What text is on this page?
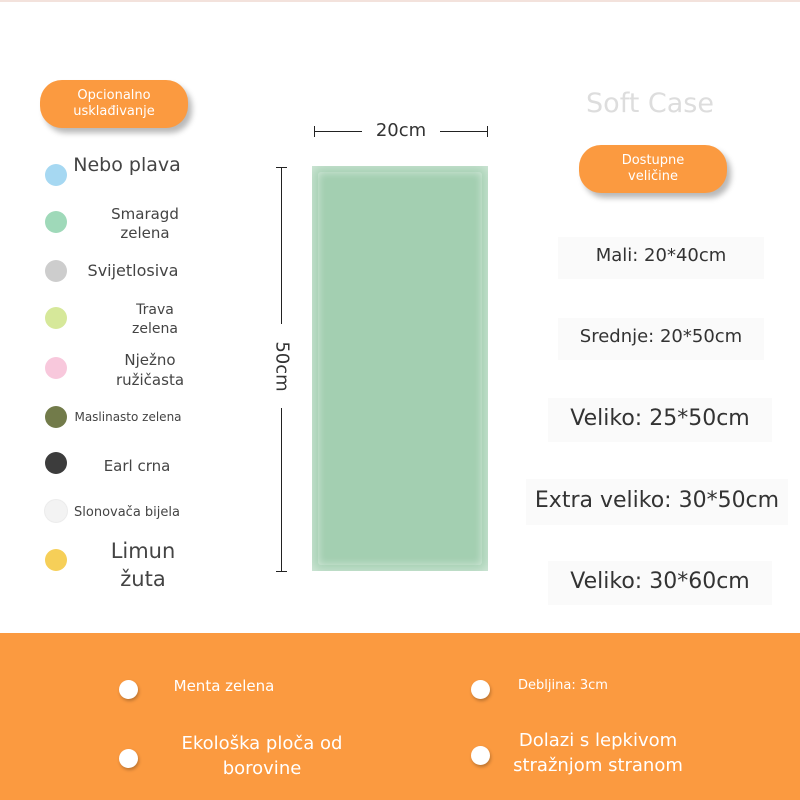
Opcionalno
usklađivanje
Nebo plava
Smaragd
zelena
Svijetlosiva
Trava
zelena
Nježno
ružičasta
Maslinasto zelena
Earl crna
Slonovača bijela
Limun
žuta
20cm
50cm
Soft Case
Dostupne
veličine
Mali: 20*40cm
Srednje: 20*50cm
Veliko: 25*50cm
Extra veliko: 30*50cm
Veliko: 30*60cm
Menta zelena	Debljina: 3cm
Ekološka ploča od
borovine
Dolazi s lepkivom
stražnjom stranom
